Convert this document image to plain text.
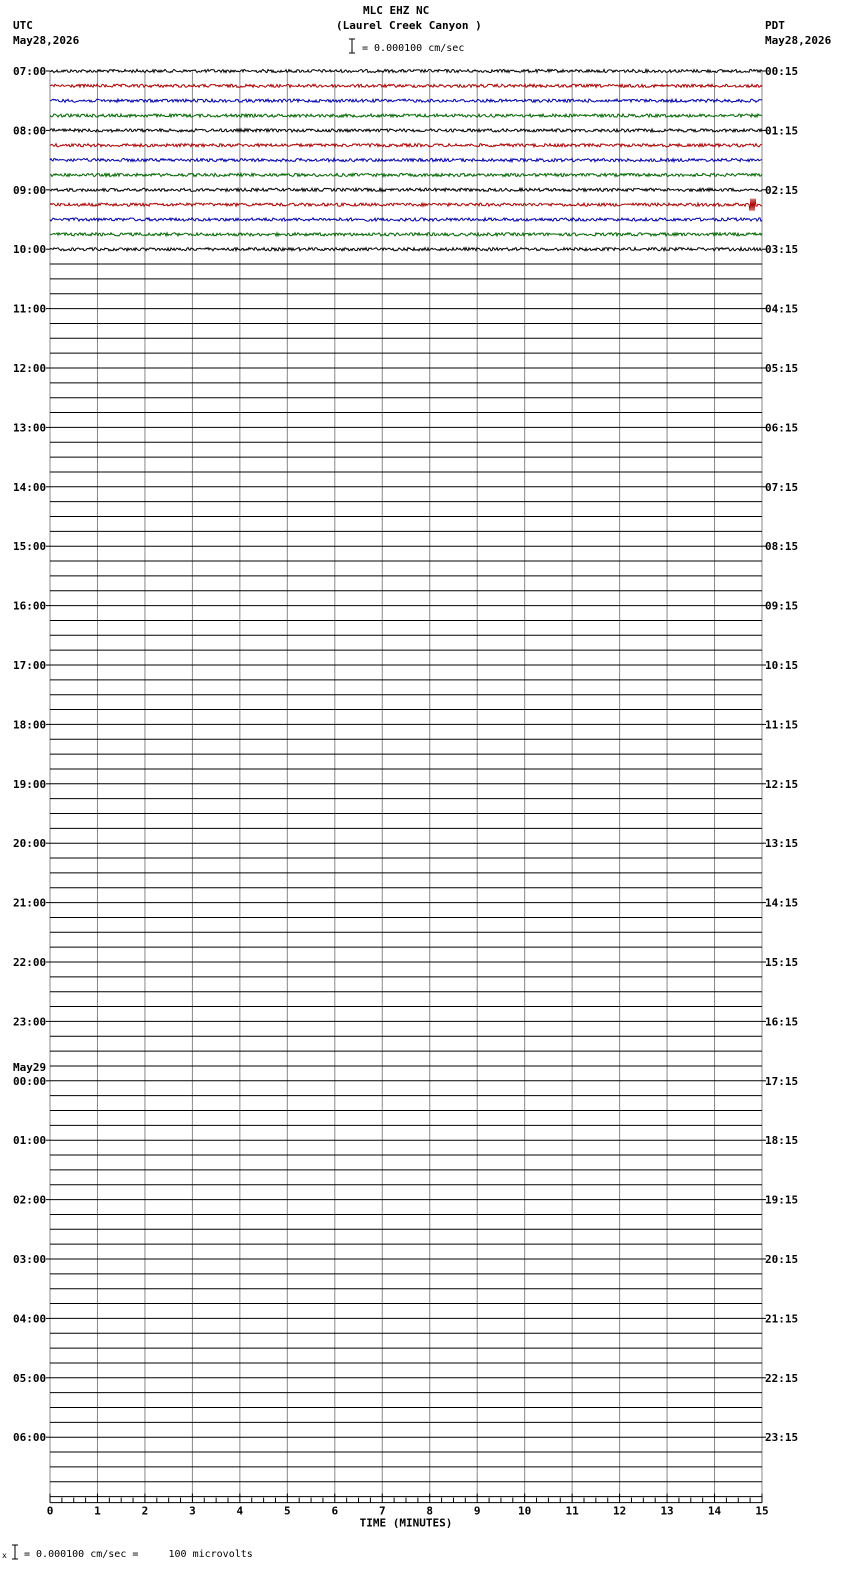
MLC EHZ NC
(Laurel Creek Canyon )
UTC
May28,2026
PDT
May28,2026
= 0.000100 cm/sec
07:00
08:00
09:00
10:00
11:00
12:00
13:00
14:00
15:00
16:00
17:00
18:00
19:00
20:00
21:00
22:00
23:00
00:00
01:00
02:00
03:00
04:00
05:00
06:00
00:15
01:15
02:15
03:15
04:15
05:15
06:15
07:15
08:15
09:15
10:15
11:15
12:15
13:15
14:15
15:15
16:15
17:15
18:15
19:15
20:15
21:15
22:15
23:15
May29
0	1	2	3	4	5	6	7	8	9	10	11	12	13	14	15
TIME (MINUTES)
x = 0.000100 cm/sec =     100 microvolts
